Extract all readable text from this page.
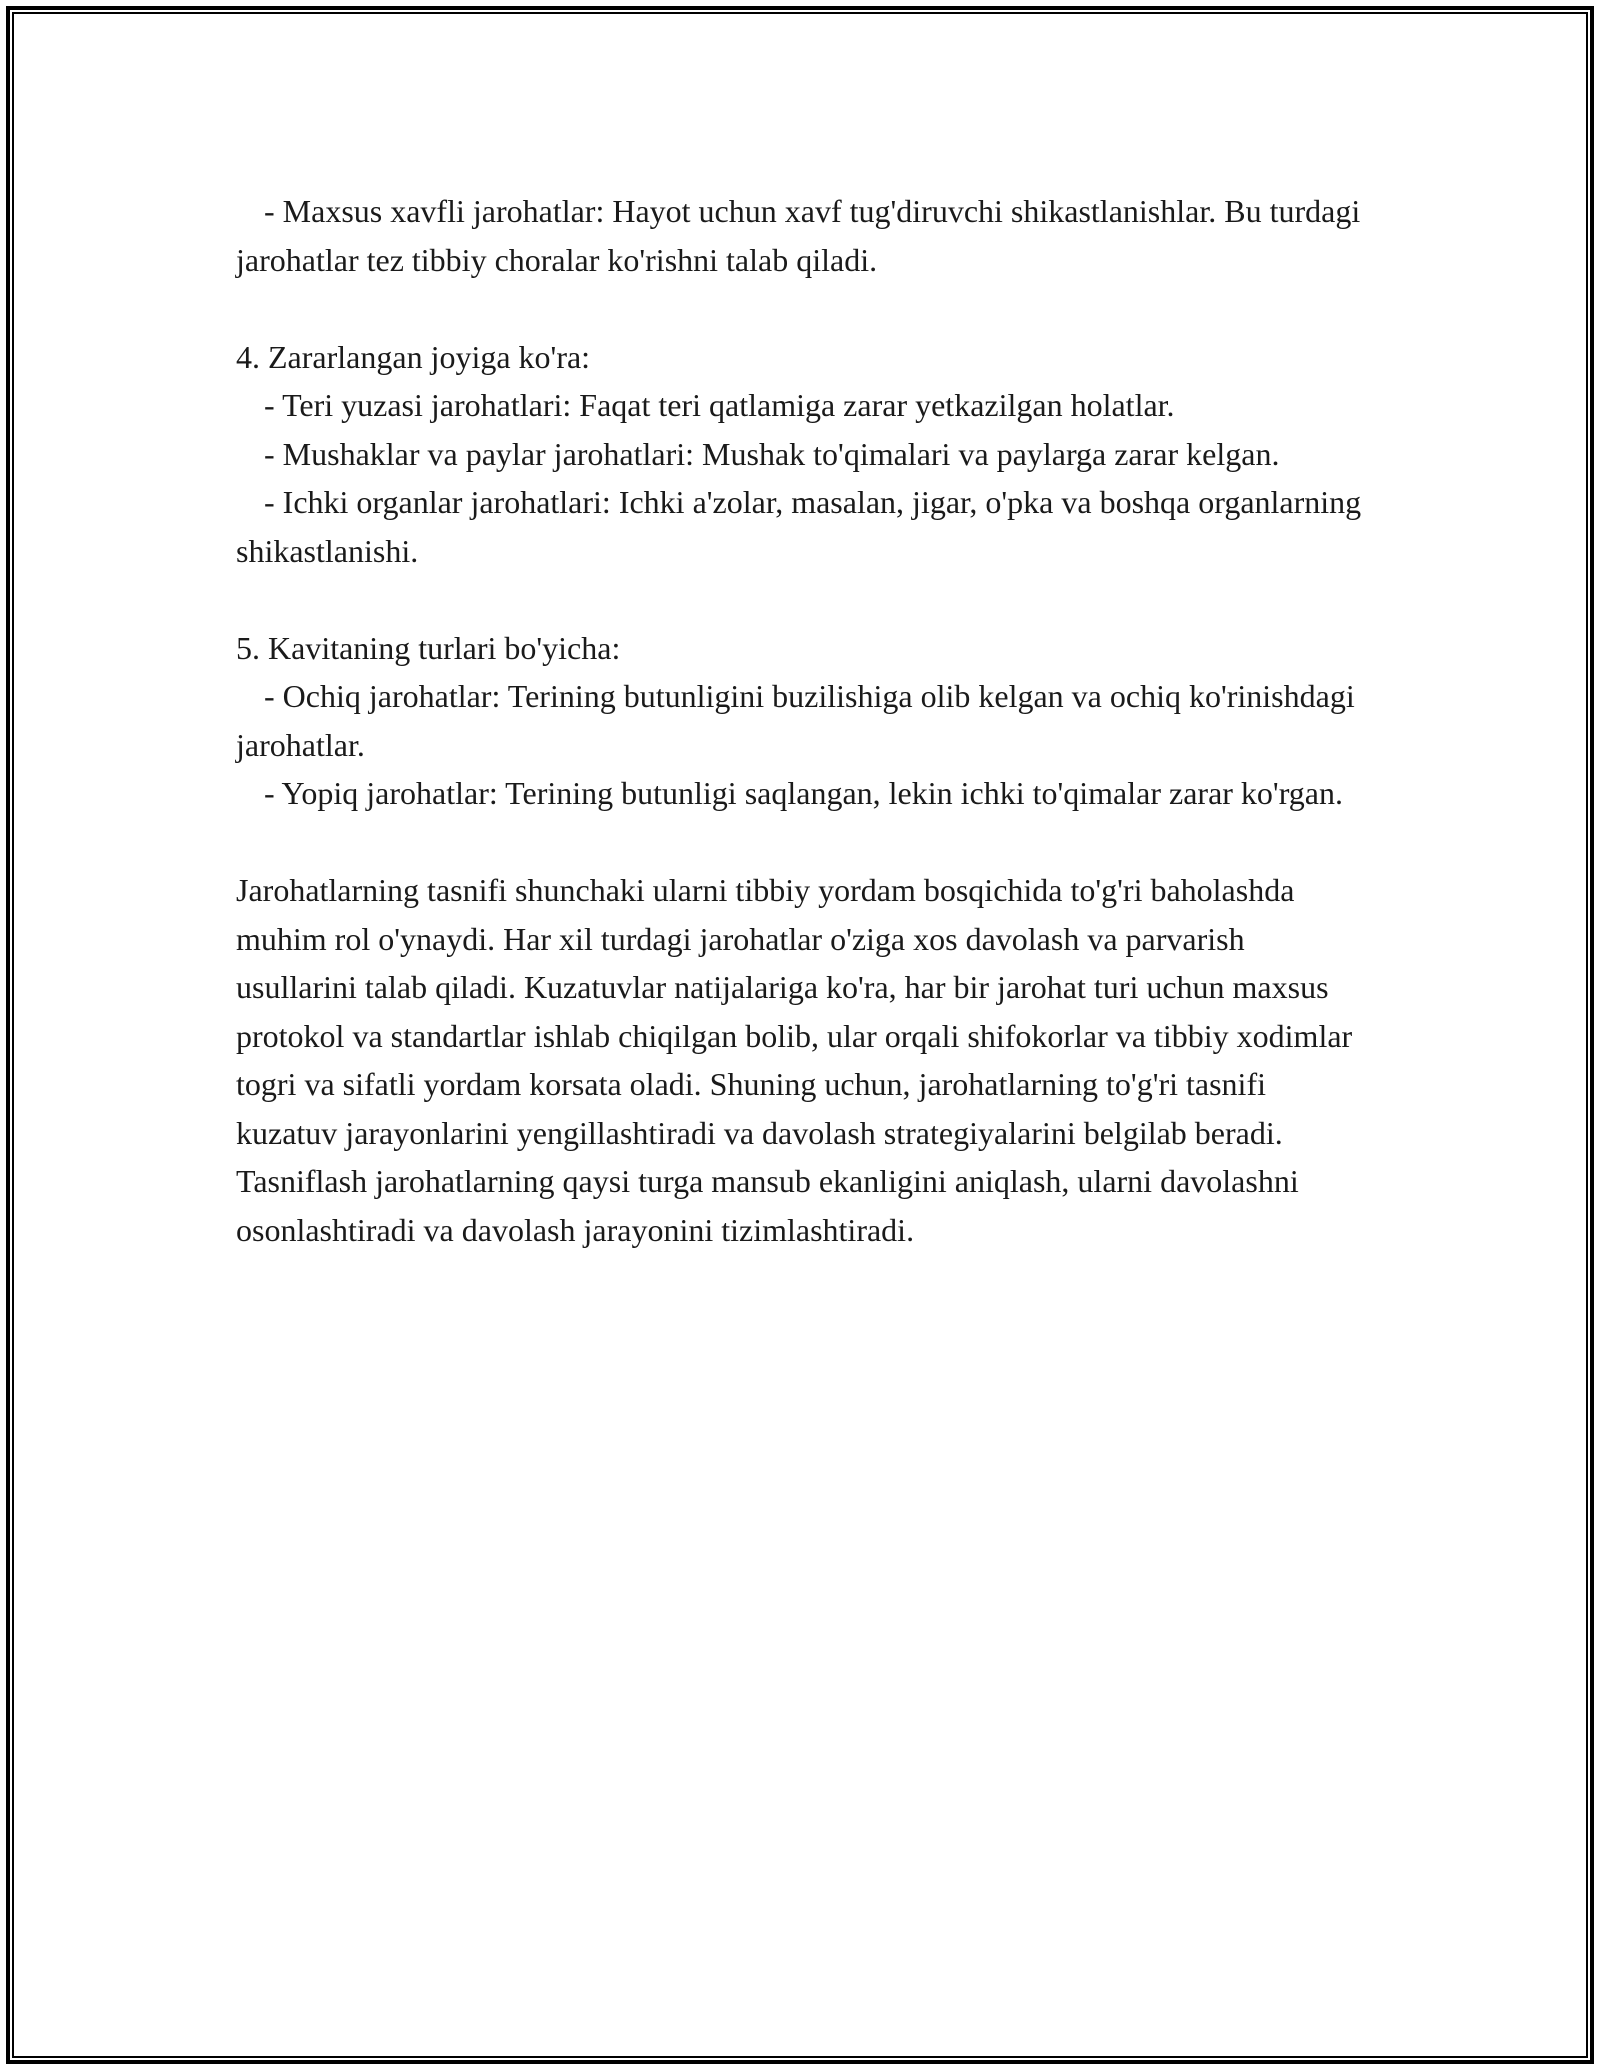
- Maxsus xavfli jarohatlar: Hayot uchun xavf tug'diruvchi shikastlanishlar. Bu turdagi jarohatlar tez tibbiy choralar ko'rishni talab qiladi.
4. Zararlangan joyiga ko'ra:
- Teri yuzasi jarohatlari: Faqat teri qatlamiga zarar yetkazilgan holatlar.
- Mushaklar va paylar jarohatlari: Mushak to'qimalari va paylarga zarar kelgan.
- Ichki organlar jarohatlari: Ichki a'zolar, masalan, jigar, o'pka va boshqa organlarning shikastlanishi.
5. Kavitaning turlari bo'yicha:
- Ochiq jarohatlar: Terining butunligini buzilishiga olib kelgan va ochiq ko'rinishdagi jarohatlar.
- Yopiq jarohatlar: Terining butunligi saqlangan, lekin ichki to'qimalar zarar ko'rgan.
Jarohatlarning tasnifi shunchaki ularni tibbiy yordam bosqichida to'g'ri baholashda muhim rol o'ynaydi. Har xil turdagi jarohatlar o'ziga xos davolash va parvarish usullarini talab qiladi. Kuzatuvlar natijalariga ko'ra, har bir jarohat turi uchun maxsus protokol va standartlar ishlab chiqilgan bolib, ular orqali shifokorlar va tibbiy xodimlar togri va sifatli yordam korsata oladi. Shuning uchun, jarohatlarning to'g'ri tasnifi kuzatuv jarayonlarini yengillashtiradi va davolash strategiyalarini belgilab beradi. Tasniflash jarohatlarning qaysi turga mansub ekanligini aniqlash, ularni davolashni osonlashtiradi va davolash jarayonini tizimlashtiradi.
